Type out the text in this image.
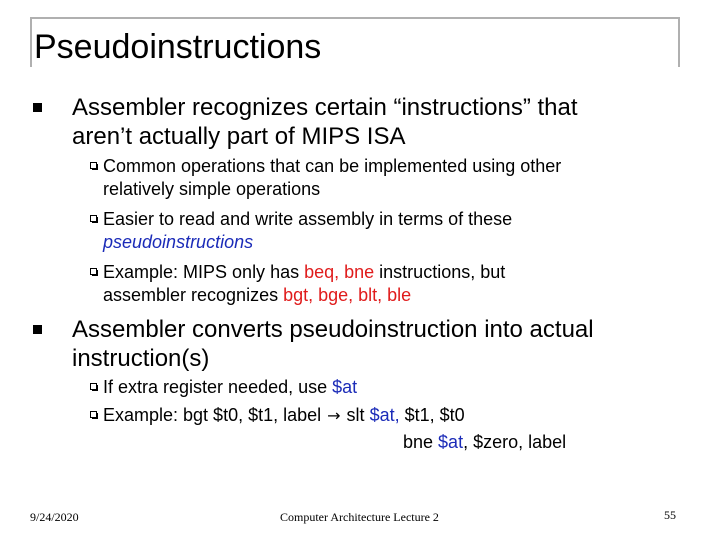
Pseudoinstructions
Assembler recognizes certain “instructions” that
aren’t actually part of MIPS ISA
Common operations that can be implemented using other
relatively simple operations
Easier to read and write assembly in terms of these
pseudoinstructions
Example: MIPS only has beq, bne instructions, but
assembler recognizes bgt, bge, blt, ble
Assembler converts pseudoinstruction into actual
instruction(s)
If extra register needed, use $at
Example: bgt $t0, $t1, label → slt $at, $t1, $t0
bne $at, $zero, label
9/24/2020	Computer Architecture Lecture 2	55
